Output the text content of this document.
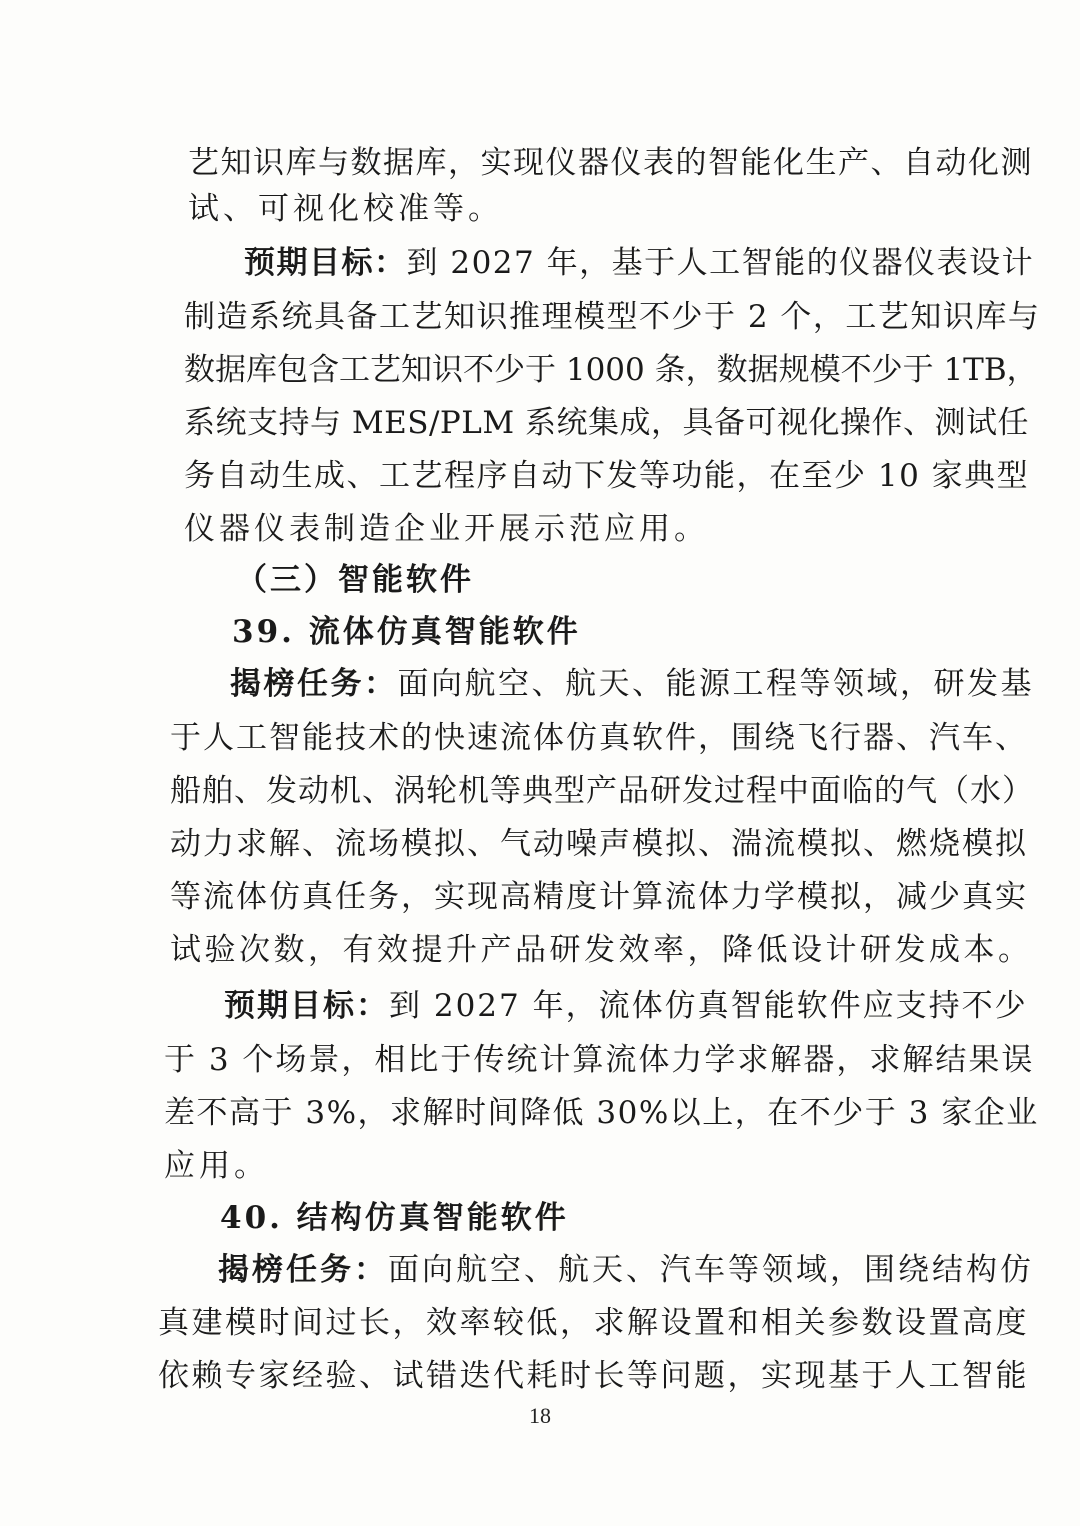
艺知识库与数据库，实现仪器仪表的智能化生产、自动化测
试、可视化校准等。
预期目标：到 2027 年，基于人工智能的仪器仪表设计
制造系统具备工艺知识推理模型不少于 2 个，工艺知识库与
数据库包含工艺知识不少于 1000 条，数据规模不少于 1TB，
系统支持与 MES/PLM 系统集成，具备可视化操作、测试任
务自动生成、工艺程序自动下发等功能，在至少 10 家典型
仪器仪表制造企业开展示范应用。
（三）智能软件
39. 流体仿真智能软件
揭榜任务：面向航空、航天、能源工程等领域，研发基
于人工智能技术的快速流体仿真软件，围绕飞行器、汽车、
船舶、发动机、涡轮机等典型产品研发过程中面临的气（水）
动力求解、流场模拟、气动噪声模拟、湍流模拟、燃烧模拟
等流体仿真任务，实现高精度计算流体力学模拟，减少真实
试验次数，有效提升产品研发效率，降低设计研发成本。
预期目标：到 2027 年，流体仿真智能软件应支持不少
于 3 个场景，相比于传统计算流体力学求解器，求解结果误
差不高于 3%，求解时间降低 30%以上，在不少于 3 家企业
应用。
40. 结构仿真智能软件
揭榜任务：面向航空、航天、汽车等领域，围绕结构仿
真建模时间过长，效率较低，求解设置和相关参数设置高度
依赖专家经验、试错迭代耗时长等问题，实现基于人工智能
18
